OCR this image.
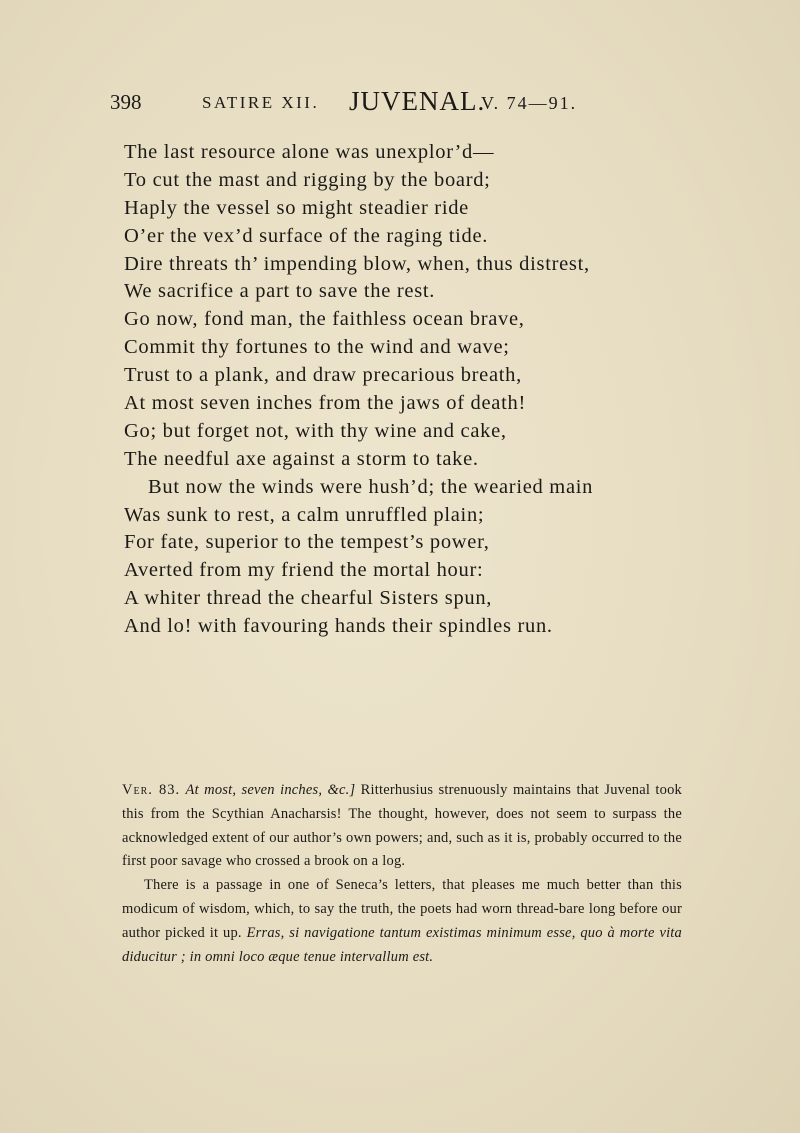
398	SATIRE XII. JUVENAL.
V. 74—91.
The last resource alone was unexplor’d—
To cut the mast and rigging by the board;
Haply the vessel so might steadier ride
O’er the vex’d surface of the raging tide.
Dire threats th’ impending blow, when, thus distrest,
We sacrifice a part to save the rest.
Go now, fond man, the faithless ocean brave,
Commit thy fortunes to the wind and wave;
Trust to a plank, and draw precarious breath,
At most seven inches from the jaws of death!
Go; but forget not, with thy wine and cake,
The needful axe against a storm to take.
But now the winds were hush’d; the wearied main
Was sunk to rest, a calm unruffled plain;
For fate, superior to the tempest’s power,
Averted from my friend the mortal hour:
A whiter thread the chearful Sisters spun,
And lo! with favouring hands their spindles run.

Ver. 83. At most, seven inches, &c.] Ritterhusius strenuously maintains that Juvenal took this from the Scythian Anacharsis! The thought, however, does not seem to surpass the acknowledged extent of our author’s own powers; and, such as it is, probably occurred to the first poor savage who crossed a brook on a log.

There is a passage in one of Seneca’s letters, that pleases me much better than this modicum of wisdom, which, to say the truth, the poets had worn thread-bare long before our author picked it up. Erras, si navigatione tantum existimas minimum esse, quo à morte vita diducitur ; in omni loco æque tenue intervallum est.
